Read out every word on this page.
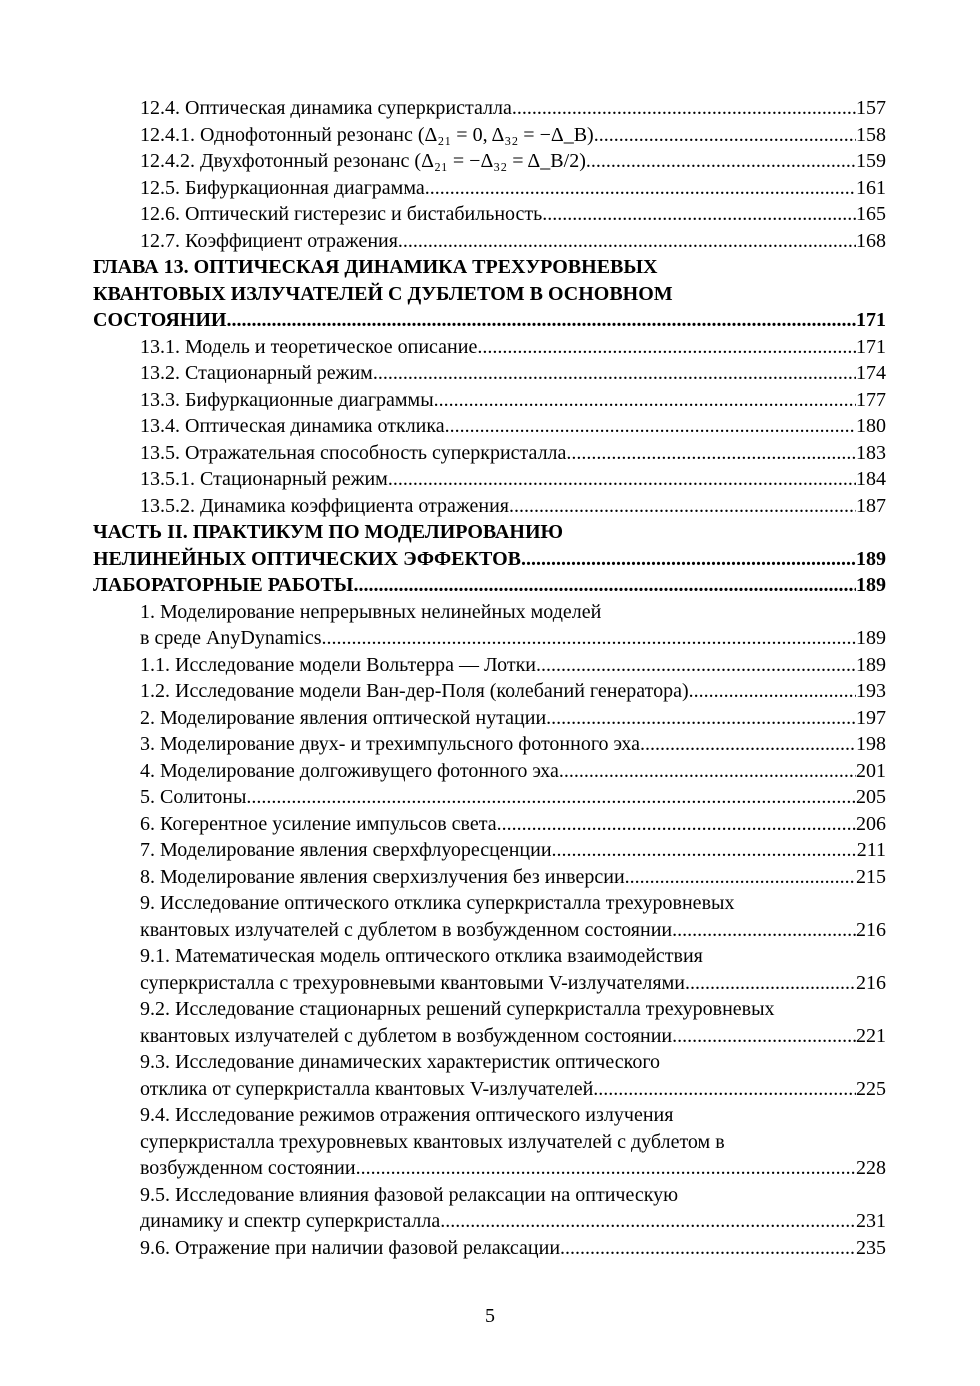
12.4. Оптическая динамика суперкристалла .....	157
12.4.1. Однофотонный резонанс (Δ₂₁ = 0, Δ₃₂ = −Δ_B) .....	158
12.4.2. Двухфотонный резонанс (Δ₂₁ = −Δ₃₂ = Δ_B/2) .....	159
12.5. Бифуркационная диаграмма .....	161
12.6. Оптический гистерезис и бистабильность .....	165
12.7. Коэффициент отражения .....	168
ГЛАВА 13. ОПТИЧЕСКАЯ ДИНАМИКА ТРЕХУРОВНЕВЫХ
КВАНТОВЫХ ИЗЛУЧАТЕЛЕЙ С ДУБЛЕТОМ В ОСНОВНОМ
СОСТОЯНИИ .....	171
13.1. Модель и теоретическое описание .....	171
13.2. Стационарный режим .....	174
13.3. Бифуркационные диаграммы .....	177
13.4. Оптическая динамика отклика .....	180
13.5. Отражательная способность суперкристалла .....	183
13.5.1. Стационарный режим .....	184
13.5.2. Динамика коэффициента отражения .....	187
ЧАСТЬ II. ПРАКТИКУМ ПО МОДЕЛИРОВАНИЮ
НЕЛИНЕЙНЫХ ОПТИЧЕСКИХ ЭФФЕКТОВ .....	189
ЛАБОРАТОРНЫЕ РАБОТЫ .....	189
1. Моделирование непрерывных нелинейных моделей
в среде AnyDynamics .....	189
1.1. Исследование модели Вольтерра — Лотки .....	189
1.2. Исследование модели Ван-дер-Поля (колебаний генератора) .....	193
2. Моделирование явления оптической нутации .....	197
3. Моделирование двух- и трехимпульсного фотонного эха .....	198
4. Моделирование долгоживущего фотонного эха .....	201
5. Солитоны .....	205
6. Когерентное усиление импульсов света .....	206
7. Моделирование явления сверхфлуоресценции .....	211
8. Моделирование явления сверхизлучения без инверсии .....	215
9. Исследование оптического отклика суперкристалла трехуровневых
квантовых излучателей с дублетом в возбужденном состоянии .....	216
9.1. Математическая модель оптического отклика взаимодействия
суперкристалла с трехуровневыми квантовыми V-излучателями .....	216
9.2. Исследование стационарных решений суперкристалла трехуровневых
квантовых излучателей с дублетом в возбужденном состоянии .....	221
9.3. Исследование динамических характеристик оптического
отклика от суперкристалла квантовых V-излучателей .....	225
9.4. Исследование режимов отражения оптического излучения
суперкристалла трехуровневых квантовых излучателей с дублетом в
возбужденном состоянии .....	228
9.5. Исследование влияния фазовой релаксации на оптическую
динамику и спектр суперкристалла .....	231
9.6. Отражение при наличии фазовой релаксации .....	235
5
